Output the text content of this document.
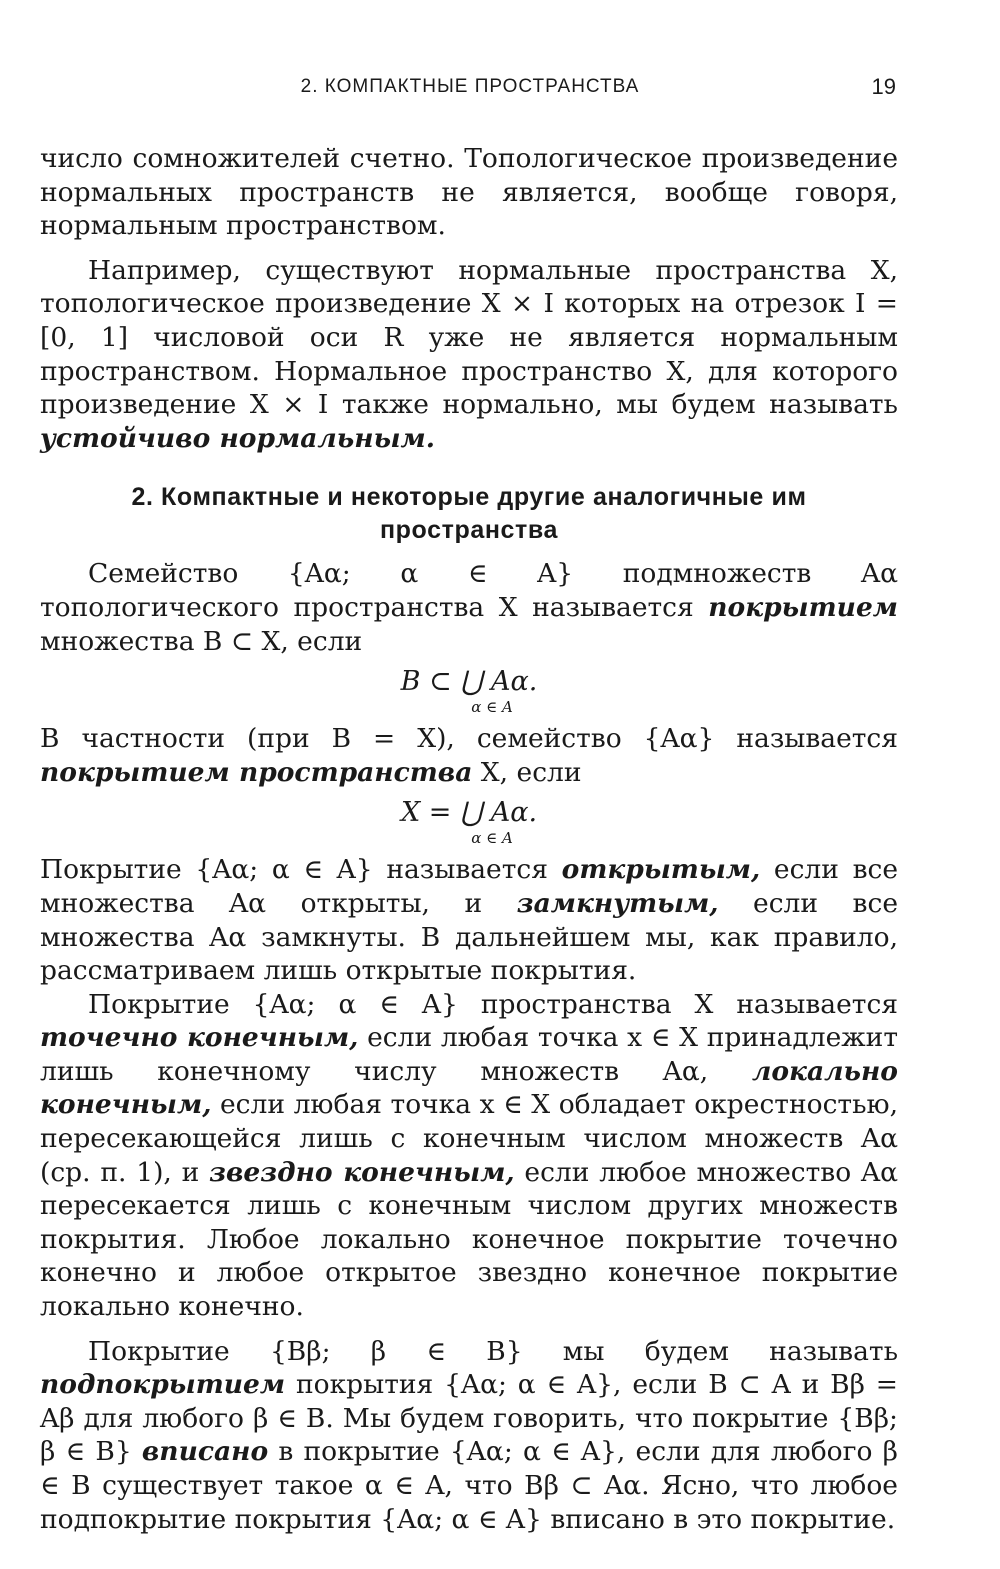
2. КОМПАКТНЫЕ ПРОСТРАНСТВА	19

число сомножителей счетно. Топологическое произведение нормальных пространств не является, вообще говоря, нормальным пространством.

Например, существуют нормальные пространства X, топологическое произведение X × I которых на отрезок I = [0, 1] числовой оси R уже не является нормальным пространством. Нормальное пространство X, для которого произведение X × I также нормально, мы будем называть устойчиво нормальным.

2. Компактные и некоторые другие аналогичные им пространства

Семейство {Aα; α ∈ A} подмножеств Aα топологического пространства X называется покрытием множества B ⊂ X, если

B ⊂ ⋃ Aα.
α ∈ A

В частности (при B = X), семейство {Aα} называется покрытием пространства X, если

X = ⋃ Aα.
α ∈ A

Покрытие {Aα; α ∈ A} называется открытым, если все множества Aα открыты, и замкнутым, если все множества Aα замкнуты. В дальнейшем мы, как правило, рассматриваем лишь открытые покрытия.

Покрытие {Aα; α ∈ A} пространства X называется точечно конечным, если любая точка x ∈ X принадлежит лишь конечному числу множеств Aα, локально конечным, если любая точка x ∈ X обладает окрестностью, пересекающейся лишь с конечным числом множеств Aα (ср. п. 1), и звездно конечным, если любое множество Aα пересекается лишь с конечным числом других множеств покрытия. Любое локально конечное покрытие точечно конечно и любое открытое звездно конечное покрытие локально конечно.

Покрытие {Bβ; β ∈ B} мы будем называть подпокрытием покрытия {Aα; α ∈ A}, если B ⊂ A и Bβ = Aβ для любого β ∈ B. Мы будем говорить, что покрытие {Bβ; β ∈ B} вписано в покрытие {Aα; α ∈ A}, если для любого β ∈ B существует такое α ∈ A, что Bβ ⊂ Aα. Ясно, что любое подпокрытие покрытия {Aα; α ∈ A} вписано в это покрытие.
